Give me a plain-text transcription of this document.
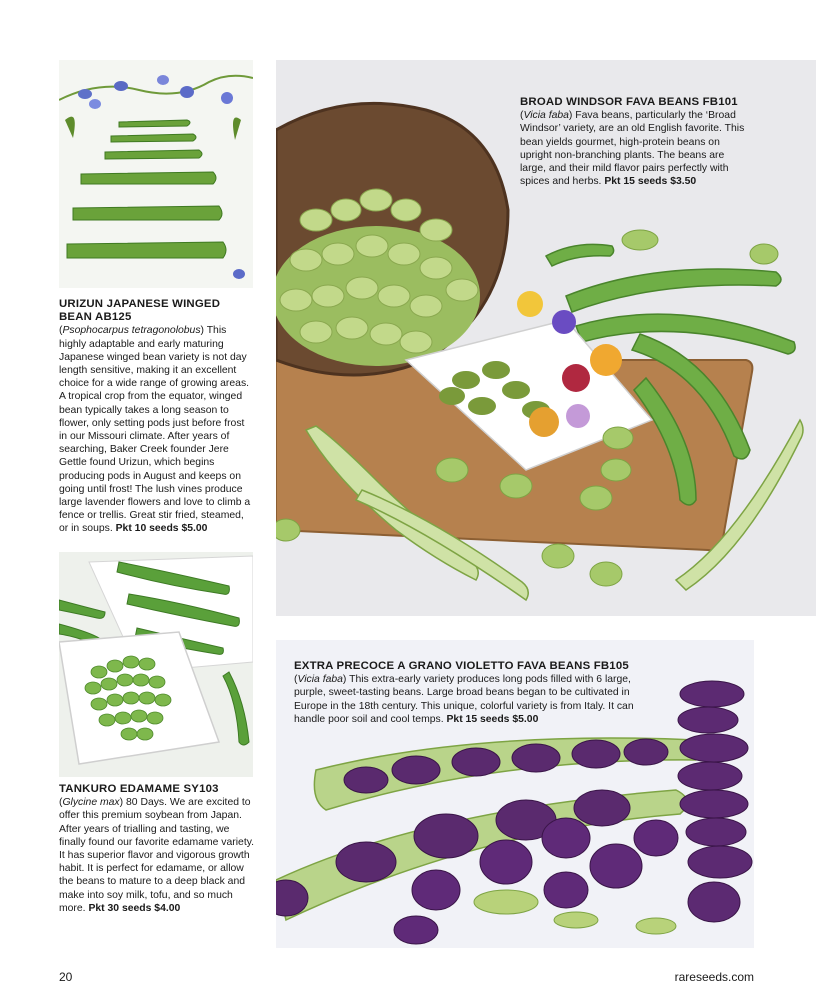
BROAD WINDSOR FAVA BEANS FB101
(Vicia faba) Fava beans, particularly the ‘Broad Windsor’ variety, are an old English favorite. This bean yields gourmet, high-protein beans on upright non-branching plants. The beans are large, and their mild flavor pairs perfectly with spices and herbs. Pkt 15 seeds $3.50
URIZUN JAPANESE WINGED BEAN AB125
(Psophocarpus tetragonolobus) This highly adaptable and early maturing Japanese winged bean variety is not day length sensitive, making it an excellent choice for a wide range of growing areas. A tropical crop from the equator, winged bean typically takes a long season to flower, only setting pods just before frost in our Missouri climate. After years of searching, Baker Creek founder Jere Gettle found Urizun, which begins producing pods in August and keeps on going until frost! The lush vines produce large lavender flowers and love to climb a fence or trellis. Great stir fried, steamed, or in soups. Pkt 10 seeds $5.00
EXTRA PRECOCE A GRANO VIOLETTO FAVA BEANS FB105
(Vicia faba) This extra-early variety produces long pods filled with 6 large, purple, sweet-tasting beans. Large broad beans began to be cultivated in Europe in the 18th century. This unique, colorful variety is from Italy. It can handle poor soil and cool temps. Pkt 15 seeds $5.00
TANKURO EDAMAME SY103
(Glycine max) 80 Days. We are excited to offer this premium soybean from Japan. After years of trialling and tasting, we finally found our favorite edamame variety. It has superior flavor and vigorous growth habit. It is perfect for edamame, or allow the beans to mature to a deep black and make into soy milk, tofu, and so much more. Pkt 30 seeds $4.00
20	rareseeds.com
